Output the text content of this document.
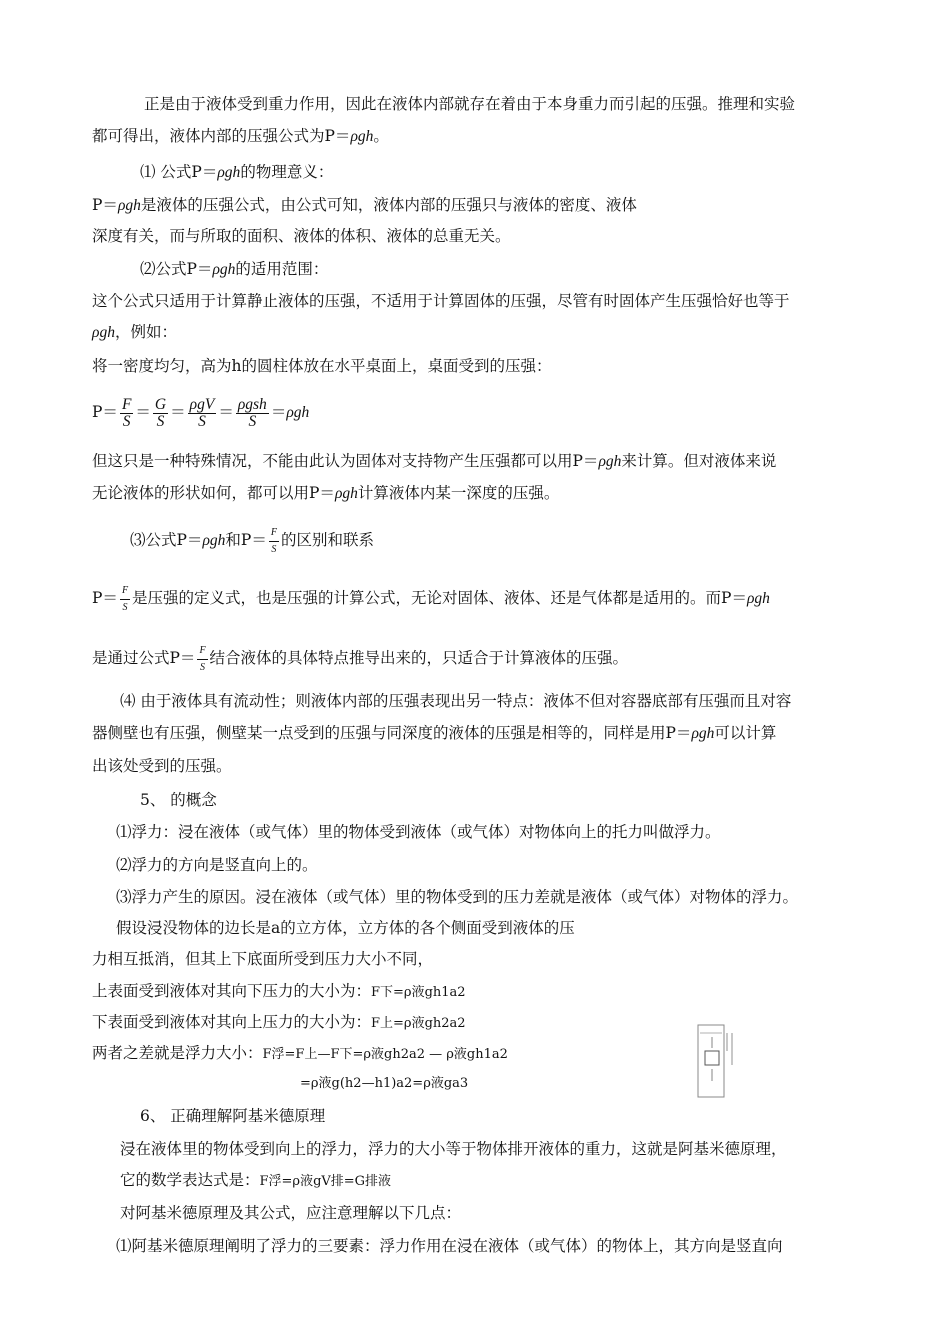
正是由于液体受到重力作用，因此在液体内部就存在着由于本身重力而引起的压强。推理和实验
都可得出，液体内部的压强公式为P＝ρgh。
⑴ 公式P＝ρgh的物理意义：
P＝ρgh是液体的压强公式，由公式可知，液体内部的压强只与液体的密度、液体
深度有关，而与所取的面积、液体的体积、液体的总重无关。
⑵公式P＝ρgh的适用范围：
这个公式只适用于计算静止液体的压强，不适用于计算固体的压强，尽管有时固体产生压强恰好也等于
ρgh，例如：
将一密度均匀，高为h的圆柱体放在水平桌面上，桌面受到的压强：
$P= \frac{F}{S} = \frac{G}{S} = \frac{\text{ρgV}}{S} = \frac{\text{ρgsh}}{S} =\rho gh$
但这只是一种特殊情况，不能由此认为固体对支持物产生压强都可以用P＝ρgh来计算。但对液体来说
无论液体的形状如何，都可以用P＝ρgh计算液体内某一深度的压强。
⑶公式P＝ρgh和$P= \frac{F}{S}$ 的区别和联系
$P= \frac{F}{S}$ 是压强的定义式，也是压强的计算公式，无论对固体、液体、还是气体都是适用的。而P＝ρgh
是通过公式$P= \frac{F}{S}$ 结合液体的具体特点推导出来的，只适合于计算液体的压强。
⑷ 由于液体具有流动性；则液体内部的压强表现出另一特点：液体不但对容器底部有压强而且对容
器侧壁也有压强，侧壁某一点受到的压强与同深度的液体的压强是相等的，同样是用P＝ρgh可以计算
出该处受到的压强。
5、 的概念
⑴浮力：浸在液体（或气体）里的物体受到液体（或气体）对物体向上的托力叫做浮力。
⑵浮力的方向是竖直向上的。
⑶浮力产生的原因。浸在液体（或气体）里的物体受到的压力差就是液体（或气体）对物体的浮力。
假设浸没物体的边长是a的立方体，立方体的各个侧面受到液体的压
力相互抵消，但其上下底面所受到压力大小不同，
上表面受到液体对其向下压力的大小为：F下=ρ液gh1a2
下表面受到液体对其向上压力的大小为：F上=ρ液gh2a2
两者之差就是浮力大小：F浮=F上—F下=ρ液gh2a2 — ρ液gh1a2
=ρ液g(h2—h1)a2=ρ液ga3
6、 正确理解阿基米德原理
浸在液体里的物体受到向上的浮力，浮力的大小等于物体排开液体的重力，这就是阿基米德原理，
它的数学表达式是：F浮=ρ液gV排=G排液
对阿基米德原理及其公式，应注意理解以下几点：
⑴阿基米德原理阐明了浮力的三要素：浮力作用在浸在液体（或气体）的物体上，其方向是竖直向
